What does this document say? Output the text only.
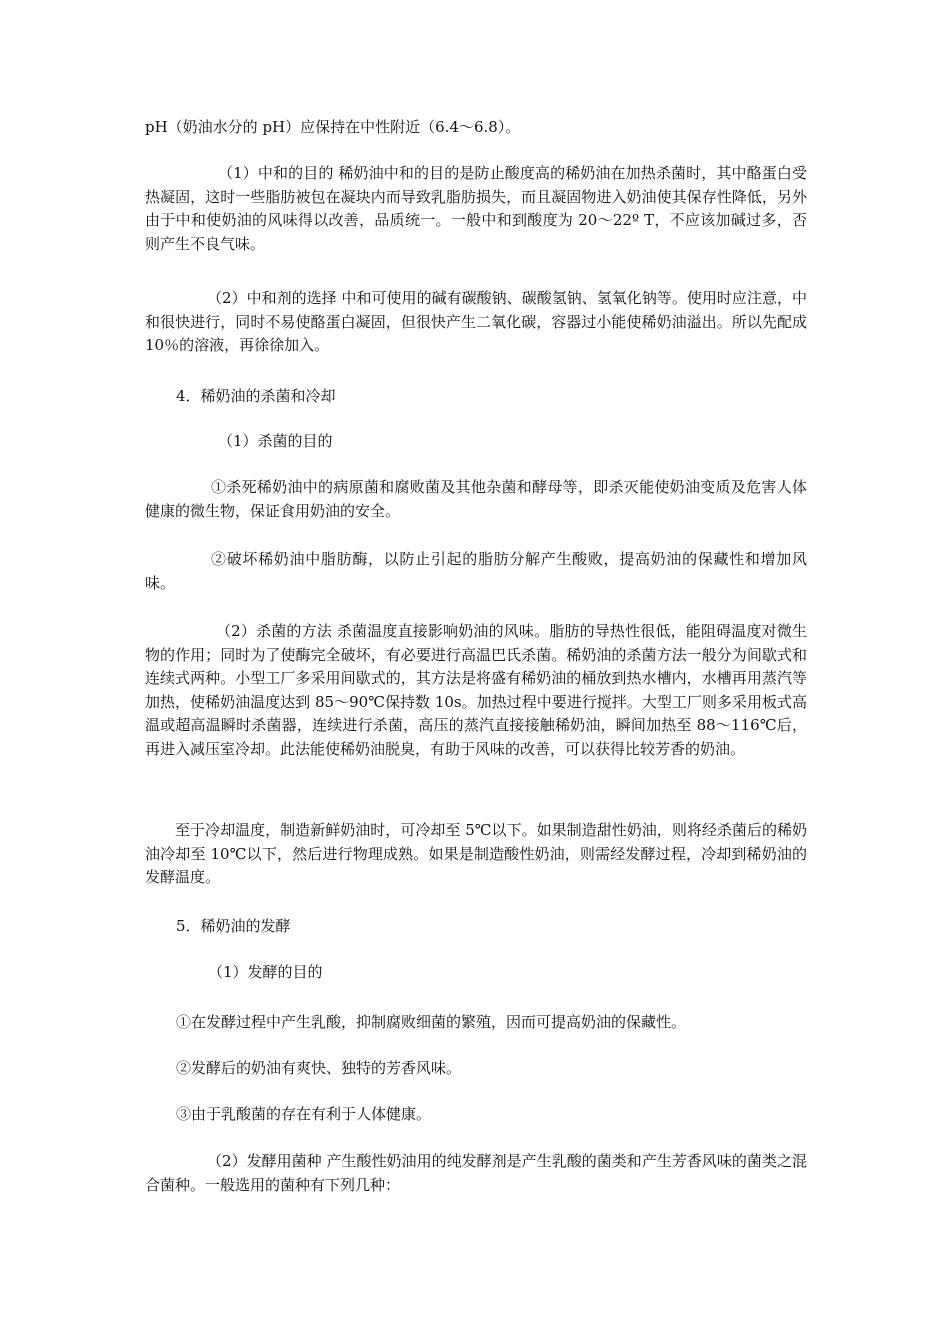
pH（奶油水分的 pH）应保持在中性附近（6.4～6.8）。

（1）中和的目的 稀奶油中和的目的是防止酸度高的稀奶油在加热杀菌时，其中酪蛋白受热凝固，这时一些脂肪被包在凝块内而导致乳脂肪损失，而且凝固物进入奶油使其保存性降低，另外由于中和使奶油的风味得以改善，品质统一。一般中和到酸度为 20～22º T，不应该加碱过多，否则产生不良气味。

（2）中和剂的选择 中和可使用的碱有碳酸钠、碳酸氢钠、氢氧化钠等。使用时应注意，中和很快进行，同时不易使酪蛋白凝固，但很快产生二氧化碳，容器过小能使稀奶油溢出。所以先配成 10％的溶液，再徐徐加入。

4．稀奶油的杀菌和冷却

（1）杀菌的目的

①杀死稀奶油中的病原菌和腐败菌及其他杂菌和酵母等，即杀灭能使奶油变质及危害人体健康的微生物，保证食用奶油的安全。

②破坏稀奶油中脂肪酶，以防止引起的脂肪分解产生酸败，提高奶油的保藏性和增加风味。

（2）杀菌的方法 杀菌温度直接影响奶油的风味。脂肪的导热性很低，能阻碍温度对微生物的作用；同时为了使酶完全破坏，有必要进行高温巴氏杀菌。稀奶油的杀菌方法一般分为间歇式和连续式两种。小型工厂多采用间歇式的，其方法是将盛有稀奶油的桶放到热水槽内，水槽再用蒸汽等加热，使稀奶油温度达到 85～90℃保持数 10s。加热过程中要进行搅拌。大型工厂则多采用板式高温或超高温瞬时杀菌器，连续进行杀菌，高压的蒸汽直接接触稀奶油，瞬间加热至 88～116℃后，再进入减压室冷却。此法能使稀奶油脱臭，有助于风味的改善，可以获得比较芳香的奶油。

至于冷却温度，制造新鲜奶油时，可冷却至 5℃以下。如果制造甜性奶油，则将经杀菌后的稀奶油冷却至 10℃以下，然后进行物理成熟。如果是制造酸性奶油，则需经发酵过程，冷却到稀奶油的发酵温度。

5．稀奶油的发酵

（1）发酵的目的

①在发酵过程中产生乳酸，抑制腐败细菌的繁殖，因而可提高奶油的保藏性。

②发酵后的奶油有爽快、独特的芳香风味。

③由于乳酸菌的存在有利于人体健康。

（2）发酵用菌种 产生酸性奶油用的纯发酵剂是产生乳酸的菌类和产生芳香风味的菌类之混合菌种。一般选用的菌种有下列几种：
